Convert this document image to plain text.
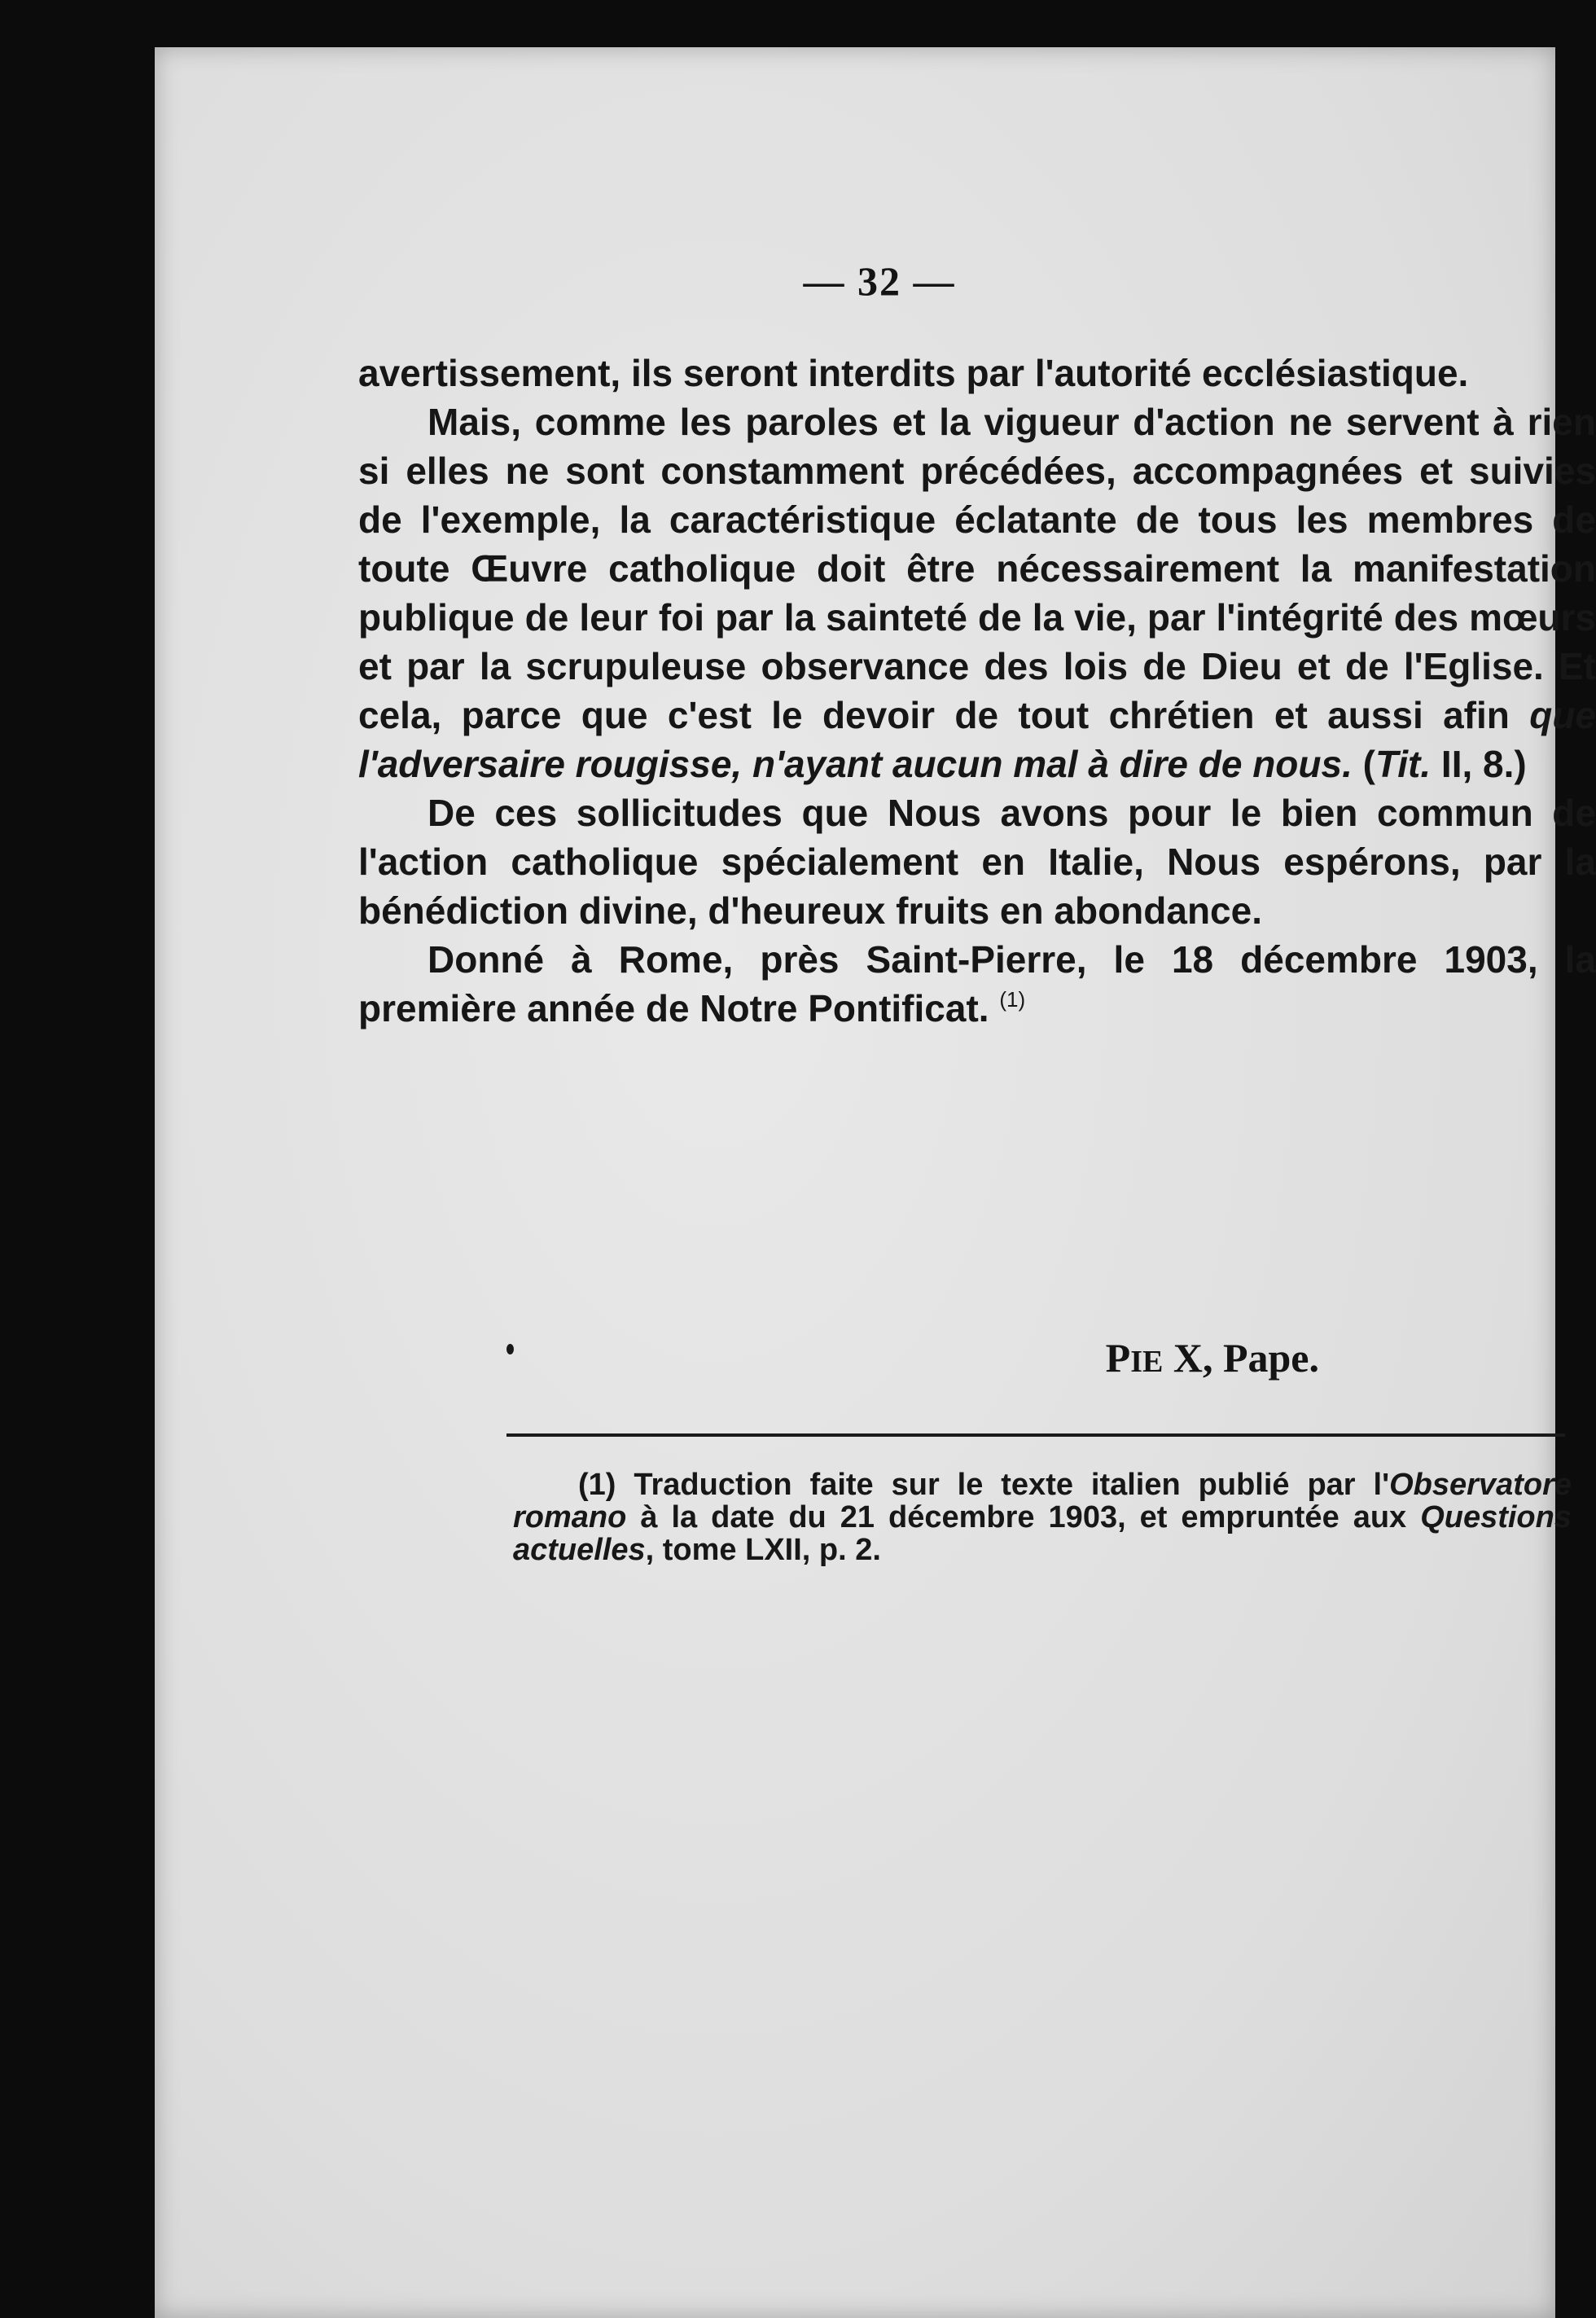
— 32 —

avertissement, ils seront interdits par l'autorité ecclésiastique.

Mais, comme les paroles et la vigueur d'action ne servent à rien si elles ne sont constamment précédées, accompagnées et suivies de l'exemple, la caractéristique éclatante de tous les membres de toute Œuvre catholique doit être nécessairement la manifestation publique de leur foi par la sainteté de la vie, par l'intégrité des mœurs et par la scrupuleuse observance des lois de Dieu et de l'Eglise. Et cela, parce que c'est le devoir de tout chrétien et aussi afin que l'adversaire rougisse, n'ayant aucun mal à dire de nous. (Tit. II, 8.)

De ces sollicitudes que Nous avons pour le bien commun de l'action catholique spécialement en Italie, Nous espérons, par la bénédiction divine, d'heureux fruits en abondance.

Donné à Rome, près Saint-Pierre, le 18 décembre 1903, la première année de Notre Pontificat. $^{(1)}$

PIE X, Pape.
(1) Traduction faite sur le texte italien publié par l'Observatore romano à la date du 21 décembre 1903, et empruntée aux Questions actuelles, tome LXII, p. 2.
